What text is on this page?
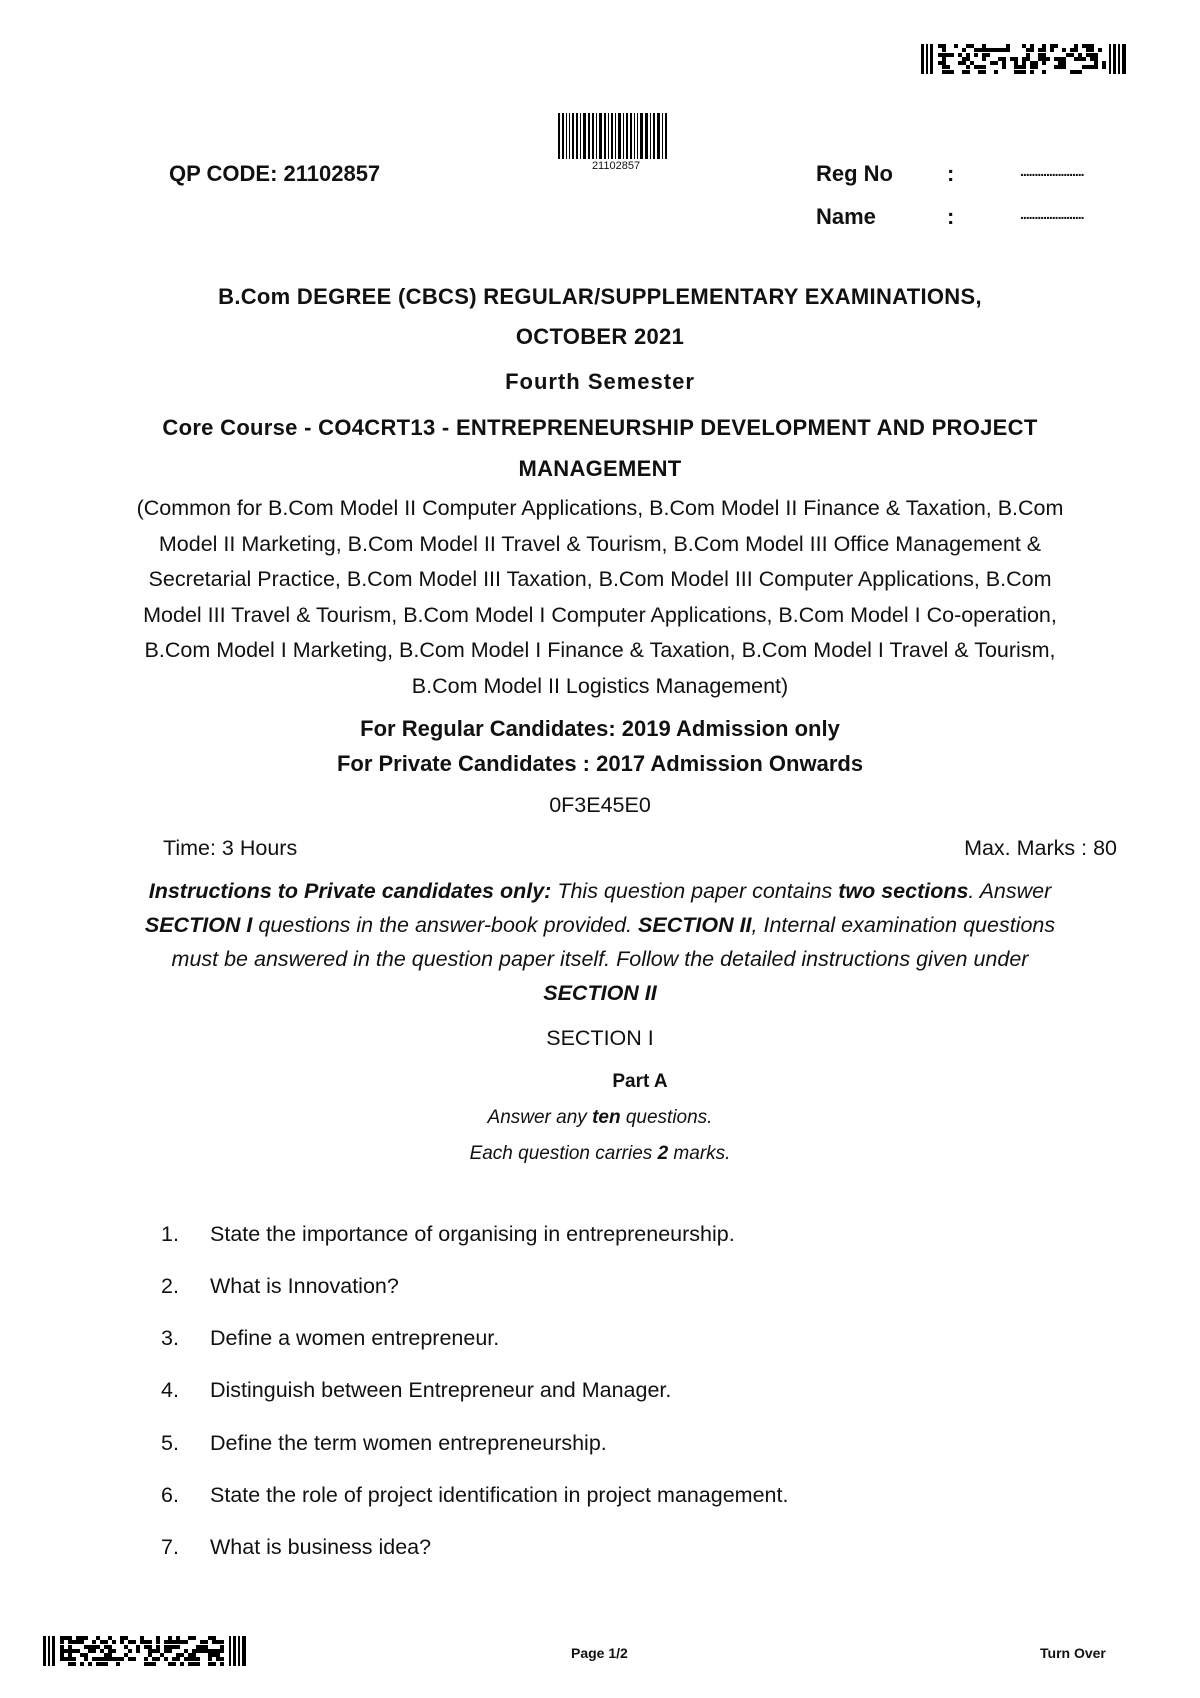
21102857
QP CODE: 21102857	Reg No :	......................
Name	:	......................
B.Com DEGREE (CBCS) REGULAR/SUPPLEMENTARY EXAMINATIONS,
OCTOBER 2021
Fourth Semester
Core Course - CO4CRT13 - ENTREPRENEURSHIP DEVELOPMENT AND PROJECT
MANAGEMENT
(Common for B.Com Model II Computer Applications, B.Com Model II Finance & Taxation, B.Com
Model II Marketing, B.Com Model II Travel & Tourism, B.Com Model III Office Management &
Secretarial Practice, B.Com Model III Taxation, B.Com Model III Computer Applications, B.Com
Model III Travel & Tourism, B.Com Model I Computer Applications, B.Com Model I Co-operation,
B.Com Model I Marketing, B.Com Model I Finance & Taxation, B.Com Model I Travel & Tourism,
B.Com Model II Logistics Management)
For Regular Candidates: 2019 Admission only
For Private Candidates : 2017 Admission Onwards
0F3E45E0
Time: 3 Hours	Max. Marks : 80
Instructions to Private candidates only: This question paper contains two sections. Answer
SECTION I questions in the answer-book provided. SECTION II, Internal examination questions
must be answered in the question paper itself. Follow the detailed instructions given under
SECTION II
SECTION I
Part A
Answer any ten questions.
Each question carries 2 marks.
1. State the importance of organising in entrepreneurship.
2. What is Innovation?
3. Define a women entrepreneur.
4. Distinguish between Entrepreneur and Manager.
5. Define the term women entrepreneurship.
6. State the role of project identification in project management.
7. What is business idea?
Page 1/2	Turn Over
